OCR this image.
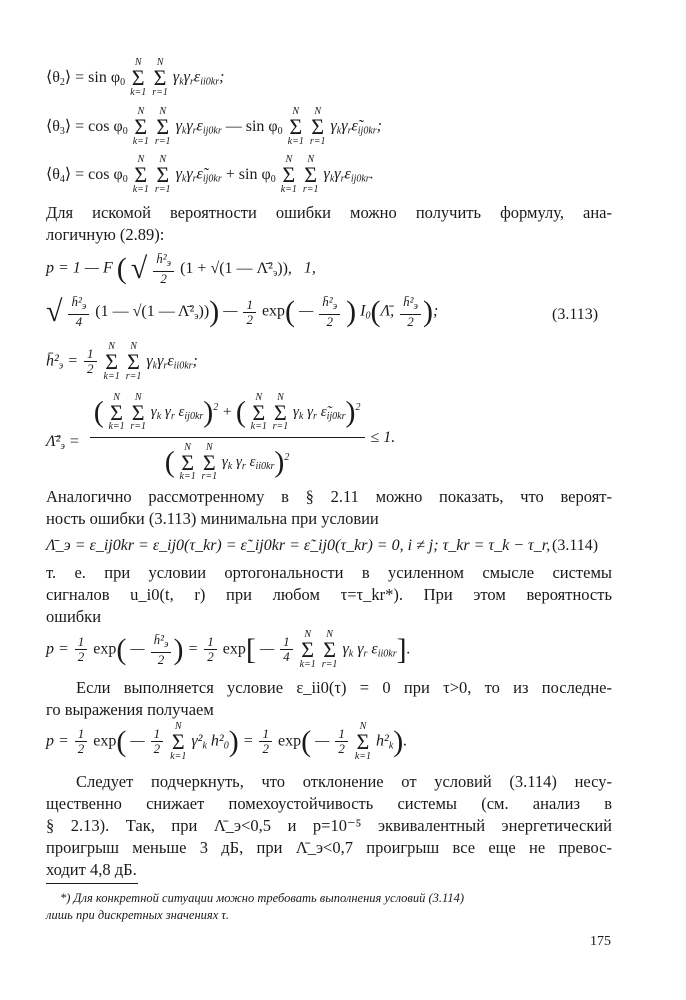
$⟨\theta_2⟩ = \sin \varphi_0$
N
Σ
k=1

N
Σ
r=1
$\gamma_k\gamma_r\varepsilon_{ii0kr}$;
$⟨\theta_3⟩ = \cos \varphi_0$
N
Σ
k=1

N
Σ
r=1
$\gamma_k\gamma_r\varepsilon_{ij0kr}$ — $\sin \varphi_0$
N
Σ
k=1

N
Σ
r=1
$\gamma_k\gamma_r\varepsiloñ_{ij0kr}$;
$⟨\theta_4⟩ = \cos \varphi_0$
N
Σ
k=1

N
Σ
r=1
$\gamma_k\gamma_r\varepsiloñ_{ij0kr} + \sin \varphi_0$
N
Σ
k=1

N
Σ
r=1
$\gamma_k\gamma_r\varepsilon_{ij0kr}$.
Для искомой вероятности ошибки можно получить формулу, ана-
логичную (2.89):
p = 1 — F ( √ $\frac{h̄^2_э}{2} (1 + √(1$ — $\Lambdā^2_э$)),   1,
√ $\frac{h̄^2_э}{4} (1$ — √(1 — $\Lambdā^2_э$))) — $\frac{1}{2} \exp$( — $\frac{h̄^2_э}{2}$ ) $I_0(\Lambdā$, $\frac{h̄^2_э}{2}$ );	(3.113)
$h̄^2_э = \frac{1}{2}$

N
Σ
k=1

N
Σ
r=1
$\gamma_k\gamma_r\varepsilon_{ii0kr}$;
$\Lambdā^2_э$ =
( N
Σ
k=1

N
Σ
r=1
$\gamma_k$ $\gamma_r$ $\varepsilon_{ij0kr})^2$ + ( N
Σ
k=1

N
Σ
r=1
$\gamma_k$ $\gamma_r$ $\varepsiloñ_{ij0kr})^2$
( N
Σ
k=1

N
Σ
r=1
$\gamma_k$ $\gamma_r$ $\varepsilon_{ii0kr})^2$
≤ 1.
Аналогично рассмотренному в § 2.11 можно показать, что вероят-
ность ошибки (3.113) минимальна при условии
Λ̄_э = ε_ij0kr = ε_ij0(τ_kr) = ε̃_ij0kr = ε̃_ij0(τ_kr) = 0, i ≠ j; τ_kr = τ_k − τ_r, (3.114)
т. е. при условии ортогональности в усиленном смысле системы
сигналов u_i0(t, r) при любом τ=τ_kr*). При этом вероятность
ошибки
$p = \frac{1}{2} \exp$( — $\frac{h̄^2_э}{2}$ ) = $\frac{1}{2} \exp$[ — $\frac{1}{4}$

N
Σ
k=1

N
Σ
r=1
$\gamma_k$ $\gamma_r$ $\varepsilon_{ii0kr}$].
Если выполняется условие ε_ii0(τ) = 0 при τ>0, то из последне-
го выражения получаем
$p = \frac{1}{2} \exp$( — $\frac{1}{2}$

N
Σ
k=1
$\gamma^2_k$ $h^2_0) = \frac{1}{2} \exp$( — $\frac{1}{2}$

N
Σ
k=1
$h^2_k$).
Следует подчеркнуть, что отклонение от условий (3.114) несу-
щественно снижает помехоустойчивость системы (см. анализ в
§ 2.13). Так, при Λ̄_э<0,5 и p=10⁻⁵ эквивалентный энергетический
проигрыш меньше 3 дБ, при Λ̄_э<0,7 проигрыш все еще не превос-
ходит 4,8 дБ.
*) Для конкретной ситуации можно требовать выполнения условий (3.114)
лишь при дискретных значениях τ.
175
